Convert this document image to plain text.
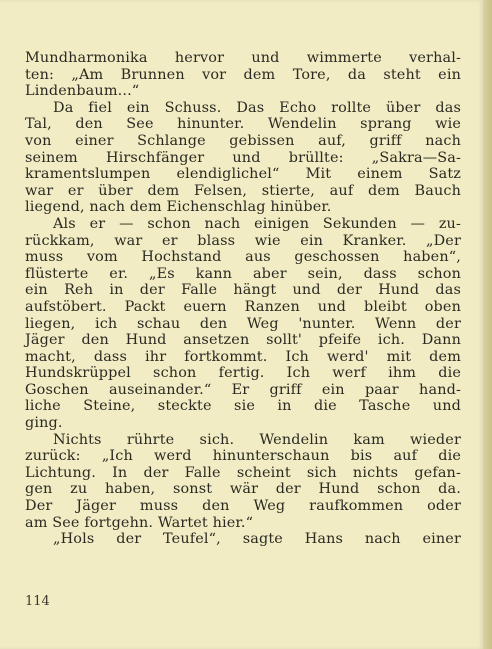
Mundharmonika hervor und wimmerte verhal-
ten: „Am Brunnen vor dem Tore, da steht ein
Lindenbaum...“
Da fiel ein Schuss. Das Echo rollte über das
Tal, den See hinunter. Wendelin sprang wie
von einer Schlange gebissen auf, griff nach
seinem Hirschfänger und brüllte: „Sakra—Sa-
kramentslumpen elendiglichel“ Mit einem Satz
war er über dem Felsen, stierte, auf dem Bauch
liegend, nach dem Eichenschlag hinüber.
Als er — schon nach einigen Sekunden — zu-
rückkam, war er blass wie ein Kranker. „Der
muss vom Hochstand aus geschossen haben“,
flüsterte er. „Es kann aber sein, dass schon
ein Reh in der Falle hängt und der Hund das
aufstöbert. Packt euern Ranzen und bleibt oben
liegen, ich schau den Weg 'nunter. Wenn der
Jäger den Hund ansetzen sollt' pfeife ich. Dann
macht, dass ihr fortkommt. Ich werd' mit dem
Hundskrüppel schon fertig. Ich werf ihm die
Goschen auseinander.“ Er griff ein paar hand-
liche Steine, steckte sie in die Tasche und
ging.
Nichts rührte sich. Wendelin kam wieder
zurück: „Ich werd hinunterschaun bis auf die
Lichtung. In der Falle scheint sich nichts gefan-
gen zu haben, sonst wär der Hund schon da.
Der Jäger muss den Weg raufkommen oder
am See fortgehn. Wartet hier.“
„Hols der Teufel“, sagte Hans nach einer
114
